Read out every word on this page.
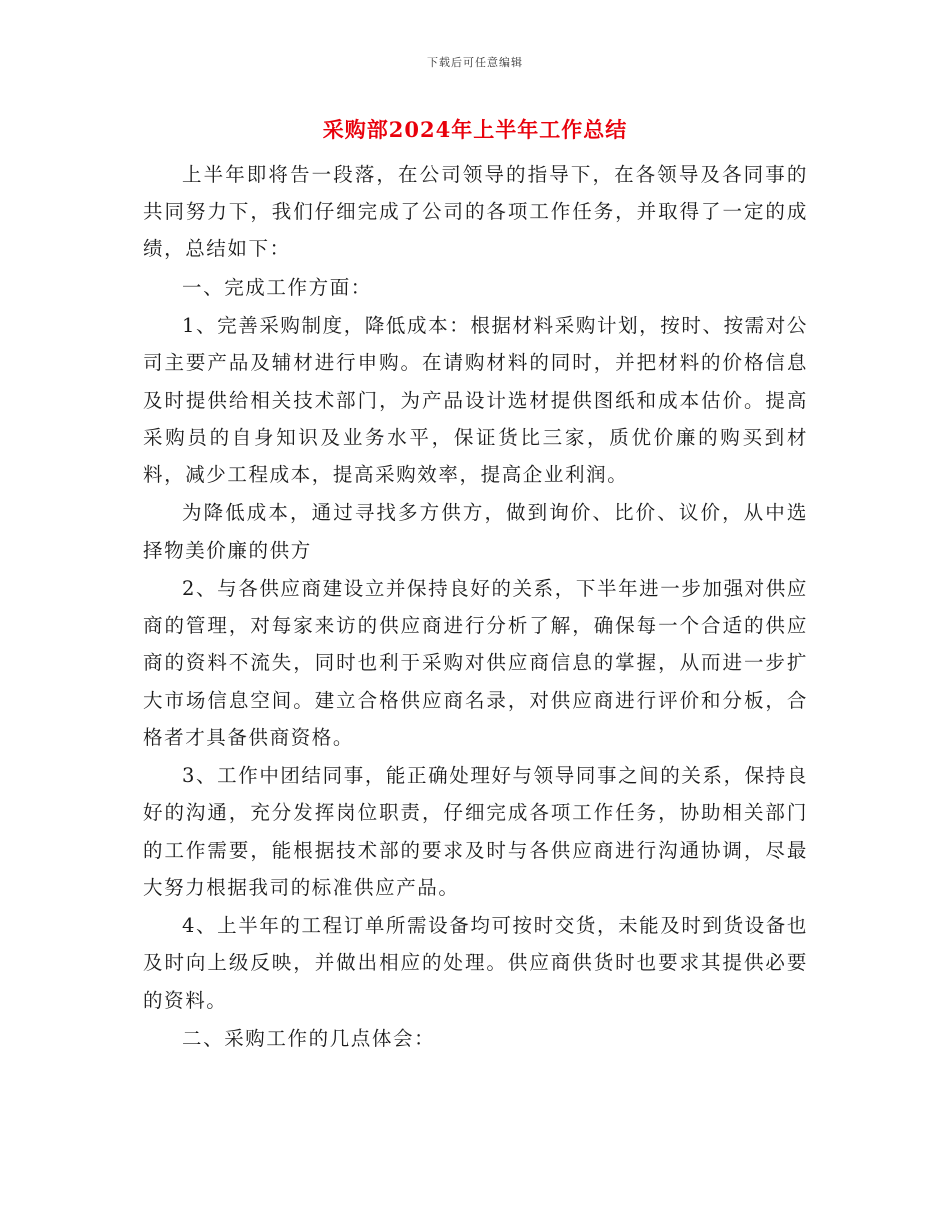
下载后可任意编辑
采购部2024年上半年工作总结

上半年即将告一段落，在公司领导的指导下，在各领导及各同事的共同努力下，我们仔细完成了公司的各项工作任务，并取得了一定的成绩，总结如下：

一、完成工作方面：

1、完善采购制度，降低成本：根据材料采购计划，按时、按需对公司主要产品及辅材进行申购。在请购材料的同时，并把材料的价格信息及时提供给相关技术部门，为产品设计选材提供图纸和成本估价。提高采购员的自身知识及业务水平，保证货比三家，质优价廉的购买到材料，减少工程成本，提高采购效率，提高企业利润。

为降低成本，通过寻找多方供方，做到询价、比价、议价，从中选择物美价廉的供方

2、与各供应商建设立并保持良好的关系，下半年进一步加强对供应商的管理，对每家来访的供应商进行分析了解，确保每一个合适的供应商的资料不流失，同时也利于采购对供应商信息的掌握，从而进一步扩大市场信息空间。建立合格供应商名录，对供应商进行评价和分板，合格者才具备供商资格。

3、工作中团结同事，能正确处理好与领导同事之间的关系，保持良好的沟通，充分发挥岗位职责，仔细完成各项工作任务，协助相关部门的工作需要，能根据技术部的要求及时与各供应商进行沟通协调，尽最大努力根据我司的标准供应产品。

4、上半年的工程订单所需设备均可按时交货，未能及时到货设备也及时向上级反映，并做出相应的处理。供应商供货时也要求其提供必要的资料。

二、采购工作的几点体会：
